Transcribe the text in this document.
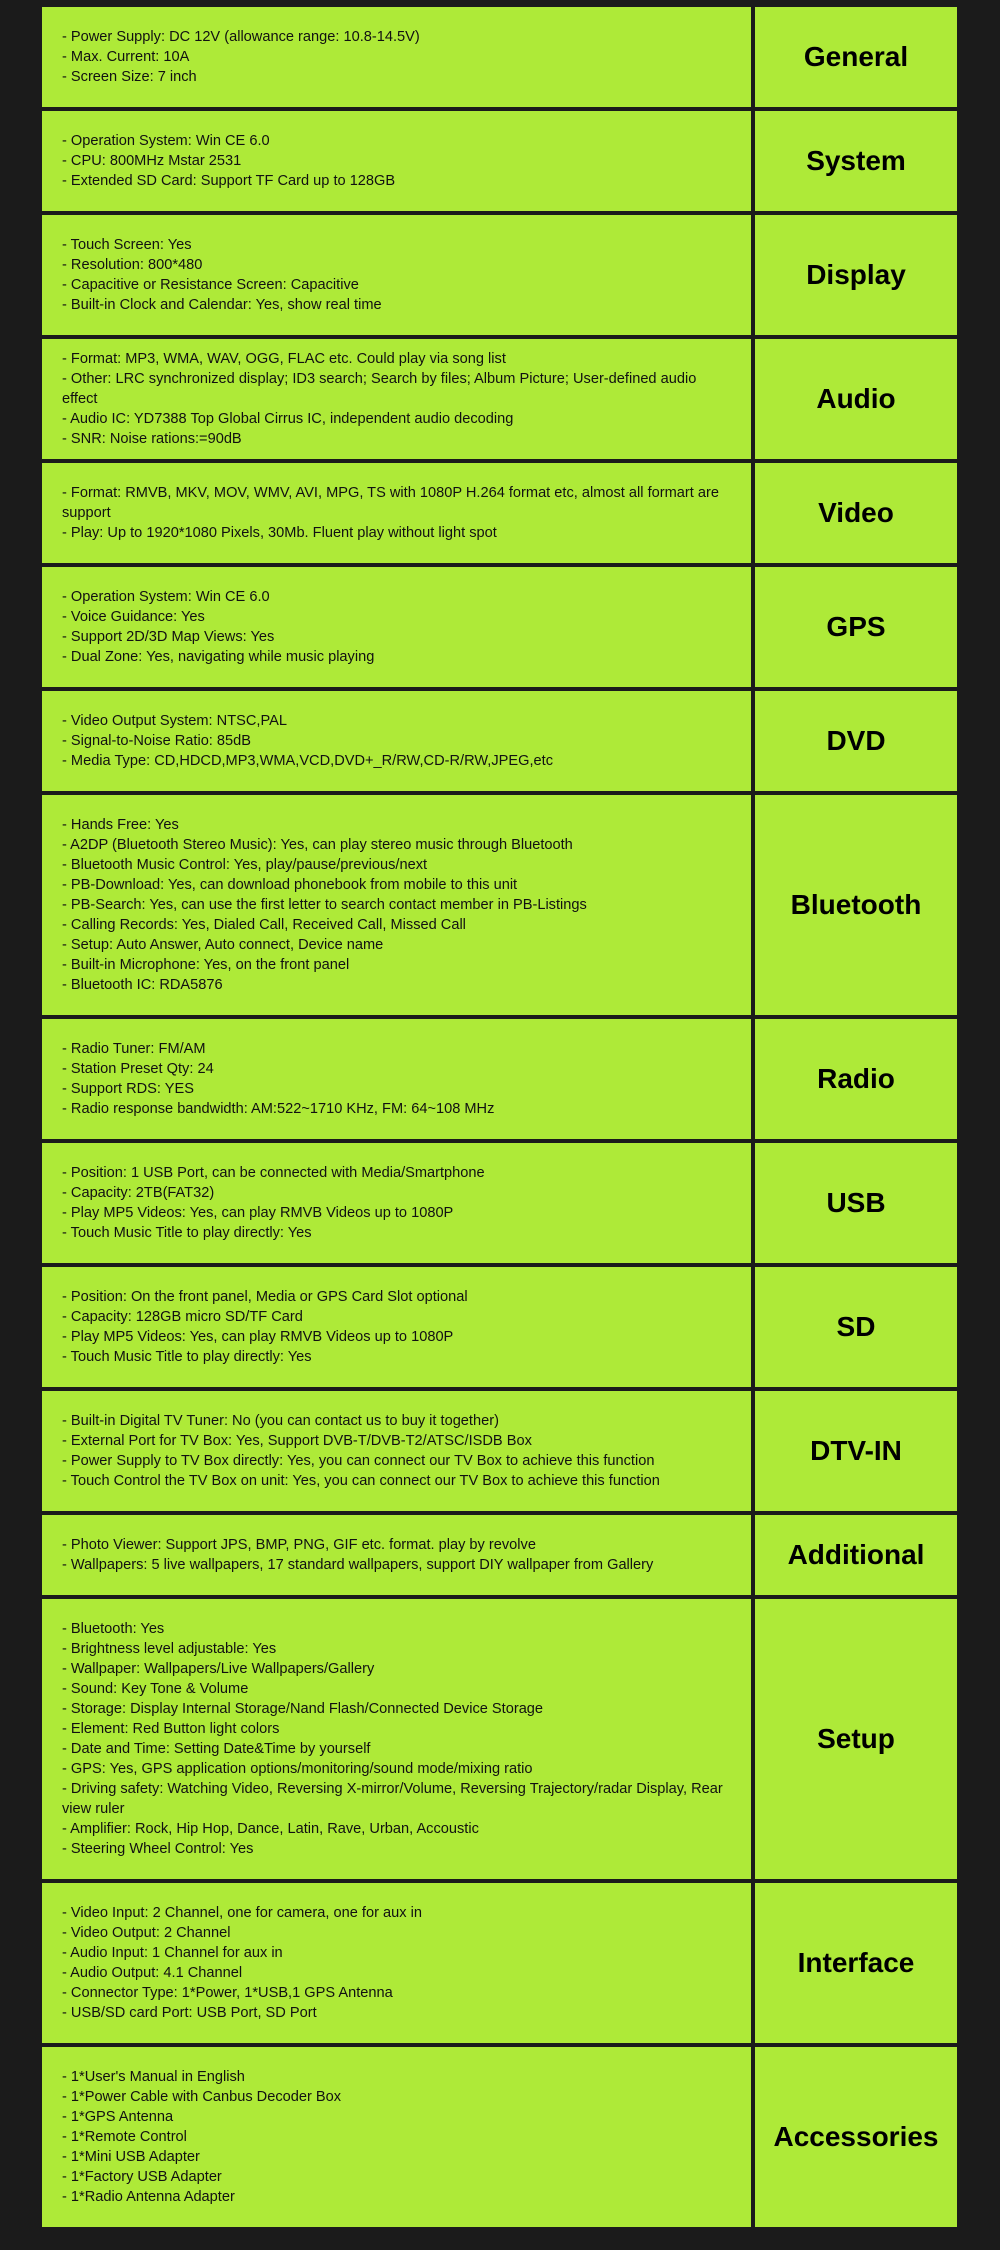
- Power Supply: DC 12V (allowance range: 10.8-14.5V)
- Max. Current: 10A
- Screen Size: 7 inch
General
- Operation System: Win CE 6.0
- CPU: 800MHz Mstar 2531
- Extended SD Card: Support TF Card up to 128GB
System
- Touch Screen: Yes
- Resolution: 800*480
- Capacitive or Resistance Screen: Capacitive
- Built-in Clock and Calendar: Yes, show real time
Display
- Format: MP3, WMA, WAV, OGG, FLAC etc. Could play via song list
- Other: LRC synchronized display; ID3 search; Search by files; Album Picture; User-defined audio effect
- Audio IC: YD7388 Top Global Cirrus IC, independent audio decoding
- SNR: Noise rations:=90dB
Audio
- Format: RMVB, MKV, MOV, WMV, AVI, MPG, TS with 1080P H.264 format etc, almost all formart are support
- Play: Up to 1920*1080 Pixels, 30Mb. Fluent play without light spot
Video
- Operation System: Win CE 6.0
- Voice Guidance: Yes
- Support 2D/3D Map Views: Yes
- Dual Zone: Yes, navigating while music playing
GPS
- Video Output System: NTSC,PAL
- Signal-to-Noise Ratio: 85dB
- Media Type: CD,HDCD,MP3,WMA,VCD,DVD+_R/RW,CD-R/RW,JPEG,etc
DVD
- Hands Free: Yes
- A2DP (Bluetooth Stereo Music): Yes, can play stereo music through Bluetooth
- Bluetooth Music Control: Yes, play/pause/previous/next
- PB-Download: Yes, can download phonebook from mobile to this unit
- PB-Search: Yes, can use the first letter to search contact member in PB-Listings
- Calling Records: Yes, Dialed Call, Received Call, Missed Call
- Setup: Auto Answer, Auto connect, Device name
- Built-in Microphone: Yes, on the front panel
- Bluetooth IC: RDA5876
Bluetooth
- Radio Tuner: FM/AM
- Station Preset Qty: 24
- Support RDS: YES
- Radio response bandwidth: AM:522~1710 KHz, FM: 64~108 MHz
Radio
- Position: 1 USB Port, can be connected with Media/Smartphone
- Capacity: 2TB(FAT32)
- Play MP5 Videos: Yes, can play RMVB Videos up to 1080P
- Touch Music Title to play directly: Yes
USB
- Position: On the front panel, Media or GPS Card Slot optional
- Capacity: 128GB micro SD/TF Card
- Play MP5 Videos: Yes, can play RMVB Videos up to 1080P
- Touch Music Title to play directly: Yes
SD
- Built-in Digital TV Tuner: No (you can contact us to buy it together)
- External Port for TV Box: Yes, Support DVB-T/DVB-T2/ATSC/ISDB Box
- Power Supply to TV Box directly: Yes, you can connect our TV Box to achieve this function
- Touch Control the TV Box on unit: Yes, you can connect our TV Box to achieve this function
DTV-IN
- Photo Viewer: Support JPS, BMP, PNG, GIF etc. format. play by revolve
- Wallpapers: 5 live wallpapers, 17 standard wallpapers, support DIY wallpaper from Gallery	Additional
- Bluetooth: Yes
- Brightness level adjustable: Yes
- Wallpaper: Wallpapers/Live Wallpapers/Gallery
- Sound: Key Tone & Volume
- Storage: Display Internal Storage/Nand Flash/Connected Device Storage
- Element: Red Button light colors
- Date and Time: Setting Date&Time by yourself
- GPS: Yes, GPS application options/monitoring/sound mode/mixing ratio
- Driving safety: Watching Video, Reversing X-mirror/Volume, Reversing Trajectory/radar Display, Rear view ruler
- Amplifier: Rock, Hip Hop, Dance, Latin, Rave, Urban, Accoustic
- Steering Wheel Control: Yes
Setup
- Video Input: 2 Channel, one for camera, one for aux in
- Video Output: 2 Channel
- Audio Input: 1 Channel for aux in
- Audio Output: 4.1 Channel
- Connector Type: 1*Power, 1*USB,1 GPS Antenna
- USB/SD card Port: USB Port, SD Port
Interface
- 1*User's Manual in English
- 1*Power Cable with Canbus Decoder Box
- 1*GPS Antenna
- 1*Remote Control
- 1*Mini USB Adapter
- 1*Factory USB Adapter
- 1*Radio Antenna Adapter
Accessories
